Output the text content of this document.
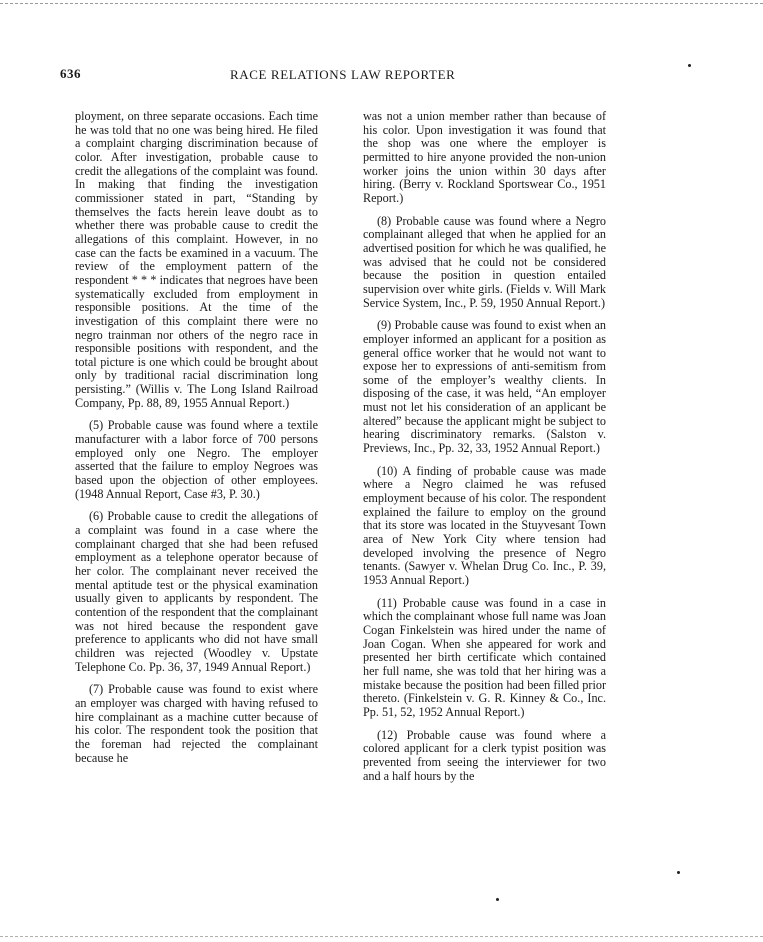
636	RACE RELATIONS LAW REPORTER

ployment, on three separate occasions. Each time he was told that no one was being hired. He filed a complaint charging discrimination because of color. After investigation, probable cause to credit the allegations of the complaint was found. In making that finding the investigation commissioner stated in part, “Standing by themselves the facts herein leave doubt as to whether there was probable cause to credit the allegations of this complaint. However, in no case can the facts be examined in a vacuum. The review of the employment pattern of the respondent * * * indicates that negroes have been systematically excluded from employment in responsible positions. At the time of the investigation of this complaint there were no negro trainman nor others of the negro race in responsible positions with respondent, and the total picture is one which could be brought about only by traditional racial discrimination long persisting.” (Willis v. The Long Island Railroad Company, Pp. 88, 89, 1955 Annual Report.)

(5) Probable cause was found where a textile manufacturer with a labor force of 700 persons employed only one Negro. The employer asserted that the failure to employ Negroes was based upon the objection of other employees. (1948 Annual Report, Case #3, P. 30.)

(6) Probable cause to credit the allegations of a complaint was found in a case where the complainant charged that she had been refused employment as a telephone operator because of her color. The complainant never received the mental aptitude test or the physical examination usually given to applicants by respondent. The contention of the respondent that the complainant was not hired because the respondent gave preference to applicants who did not have small children was rejected (Woodley v. Upstate Telephone Co. Pp. 36, 37, 1949 Annual Report.)

(7) Probable cause was found to exist where an employer was charged with having refused to hire complainant as a machine cutter because of his color. The respondent took the position that the foreman had rejected the complainant because he

was not a union member rather than because of his color. Upon investigation it was found that the shop was one where the employer is permitted to hire anyone provided the non-union worker joins the union within 30 days after hiring. (Berry v. Rockland Sportswear Co., 1951 Report.)

(8) Probable cause was found where a Negro complainant alleged that when he applied for an advertised position for which he was qualified, he was advised that he could not be considered because the position in question entailed supervision over white girls. (Fields v. Will Mark Service System, Inc., P. 59, 1950 Annual Report.)

(9) Probable cause was found to exist when an employer informed an applicant for a position as general office worker that he would not want to expose her to expressions of anti-semitism from some of the employer’s wealthy clients. In disposing of the case, it was held, “An employer must not let his consideration of an applicant be altered” because the applicant might be subject to hearing discriminatory remarks. (Salston v. Previews, Inc., Pp. 32, 33, 1952 Annual Report.)

(10) A finding of probable cause was made where a Negro claimed he was refused employment because of his color. The respondent explained the failure to employ on the ground that its store was located in the Stuyvesant Town area of New York City where tension had developed involving the presence of Negro tenants. (Sawyer v. Whelan Drug Co. Inc., P. 39, 1953 Annual Report.)

(11) Probable cause was found in a case in which the complainant whose full name was Joan Cogan Finkelstein was hired under the name of Joan Cogan. When she appeared for work and presented her birth certificate which contained her full name, she was told that her hiring was a mistake because the position had been filled prior thereto. (Finkelstein v. G. R. Kinney & Co., Inc. Pp. 51, 52, 1952 Annual Report.)

(12) Probable cause was found where a colored applicant for a clerk typist position was prevented from seeing the interviewer for two and a half hours by the
